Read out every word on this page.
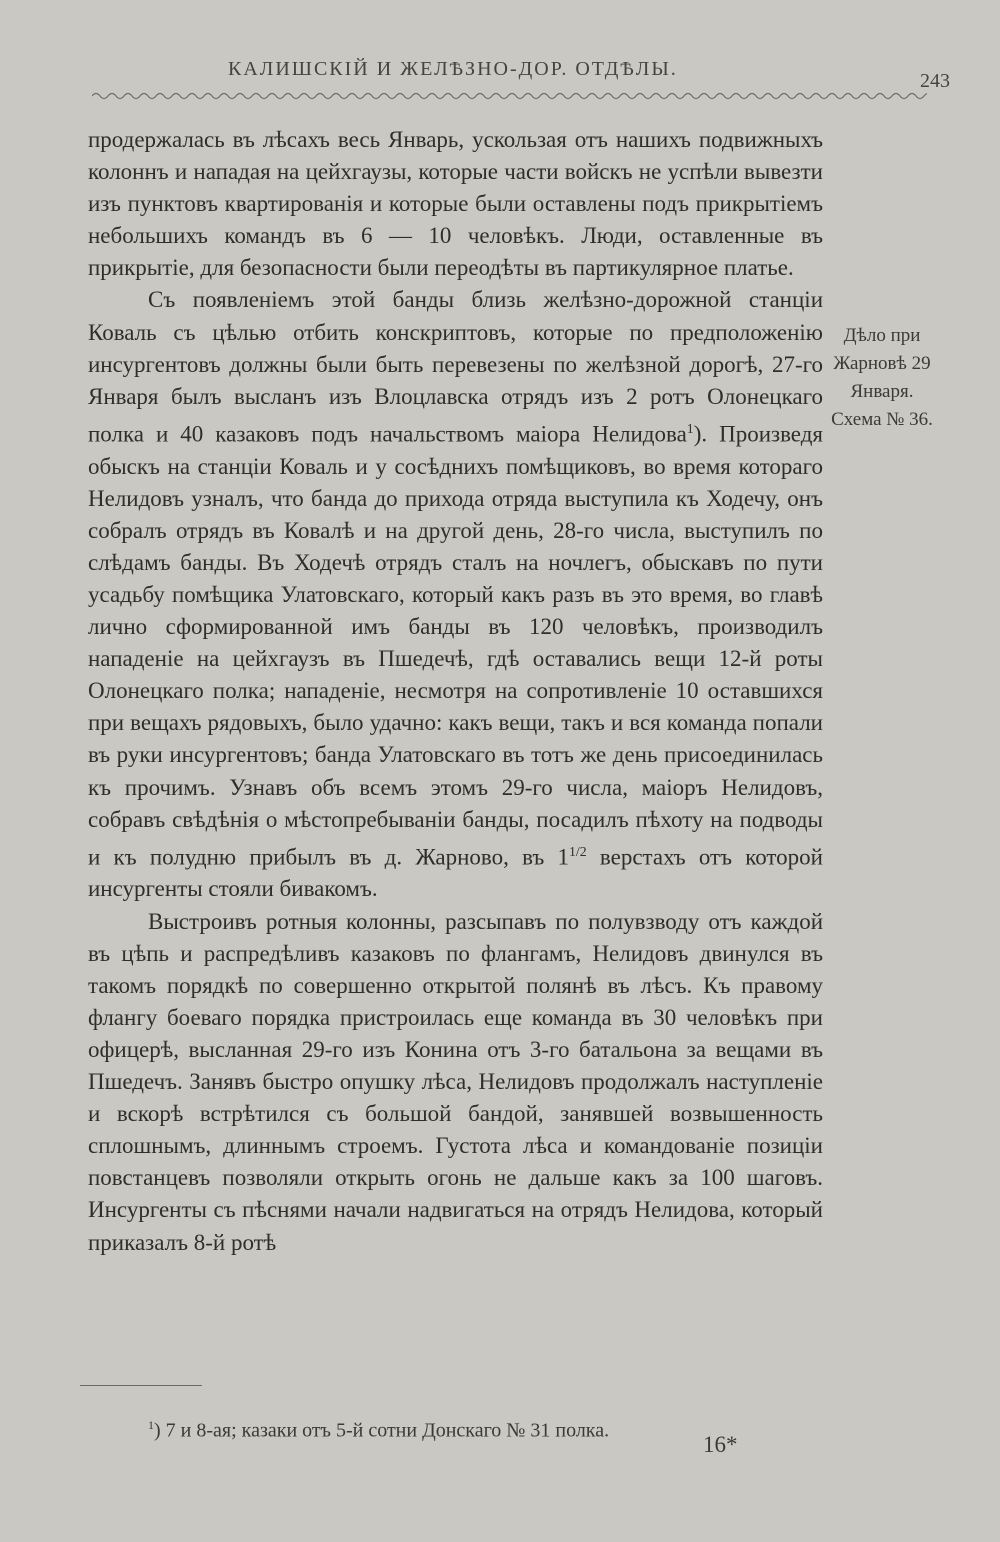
КАЛИШСКІЙ И ЖЕЛѢЗНО-ДОР. ОТДѢЛЫ.
243

продержалась въ лѣсахъ весь Январь, ускользая отъ нашихъ подвижныхъ колоннъ и нападая на цейхгаузы, которые части войскъ не успѣли вывезти изъ пунктовъ квартированія и которые были оставлены подъ прикрытіемъ небольшихъ командъ въ 6 — 10 человѣкъ. Люди, оставленные въ прикрытіе, для безопасности были переодѣты въ партикулярное платье.

Съ появленіемъ этой банды близь желѣзно-дорожной станціи Коваль съ цѣлью отбить конскриптовъ, которые по предположенію инсургентовъ должны были быть перевезены по желѣзной дорогѣ, 27-го Января былъ высланъ изъ Влоцлавска отрядъ изъ 2 ротъ Олонецкаго полка и 40 казаковъ подъ начальствомъ маіора Нелидова$^1$). Произведя обыскъ на станціи Коваль и у сосѣднихъ помѣщиковъ, во время котораго Нелидовъ узналъ, что банда до прихода отряда выступила къ Ходечу, онъ собралъ отрядъ въ Ковалѣ и на другой день, 28-го числа, выступилъ по слѣдамъ банды. Въ Ходечѣ отрядъ сталъ на ночлегъ, обыскавъ по пути усадьбу помѣщика Улатовскаго, который какъ разъ въ это время, во главѣ лично сформированной имъ банды въ 120 человѣкъ, производилъ нападеніе на цейхгаузъ въ Пшедечѣ, гдѣ оставались вещи 12-й роты Олонецкаго полка; нападеніе, несмотря на сопротивленіе 10 оставшихся при вещахъ рядовыхъ, было удачно: какъ вещи, такъ и вся команда попали въ руки инсургентовъ; банда Улатовскаго въ тотъ же день присоединилась къ прочимъ. Узнавъ объ всемъ этомъ 29-го числа, маіоръ Нелидовъ, собравъ свѣдѣнія о мѣстопребываніи банды, посадилъ пѣхоту на подводы и къ полудню прибылъ въ д. Жарново, въ $1^{1/2}$ верстахъ отъ которой инсургенты стояли бивакомъ.

Выстроивъ ротныя колонны, разсыпавъ по полувзводу отъ каждой въ цѣпь и распредѣливъ казаковъ по флангамъ, Нелидовъ двинулся въ такомъ порядкѣ по совершенно открытой полянѣ въ лѣсъ. Къ правому флангу боеваго порядка пристроилась еще команда въ 30 человѣкъ при офицерѣ, высланная 29-го изъ Конина отъ 3-го батальона за вещами въ Пшедечъ. Занявъ быстро опушку лѣса, Нелидовъ продолжалъ наступленіе и вскорѣ встрѣтился съ большой бандой, занявшей возвышенность сплошнымъ, длиннымъ строемъ. Густота лѣса и командованіе позиціи повстанцевъ позволяли открыть огонь не дальше какъ за 100 шаговъ. Инсургенты съ пѣснями начали надвигаться на отрядъ Нелидова, который приказалъ 8-й ротѣ

Дѣло при
Жарновѣ 29
Января.
Схема № 36.
$^1$) 7 и 8-ая; казаки отъ 5-й сотни Донскаго № 31 полка.
16*
